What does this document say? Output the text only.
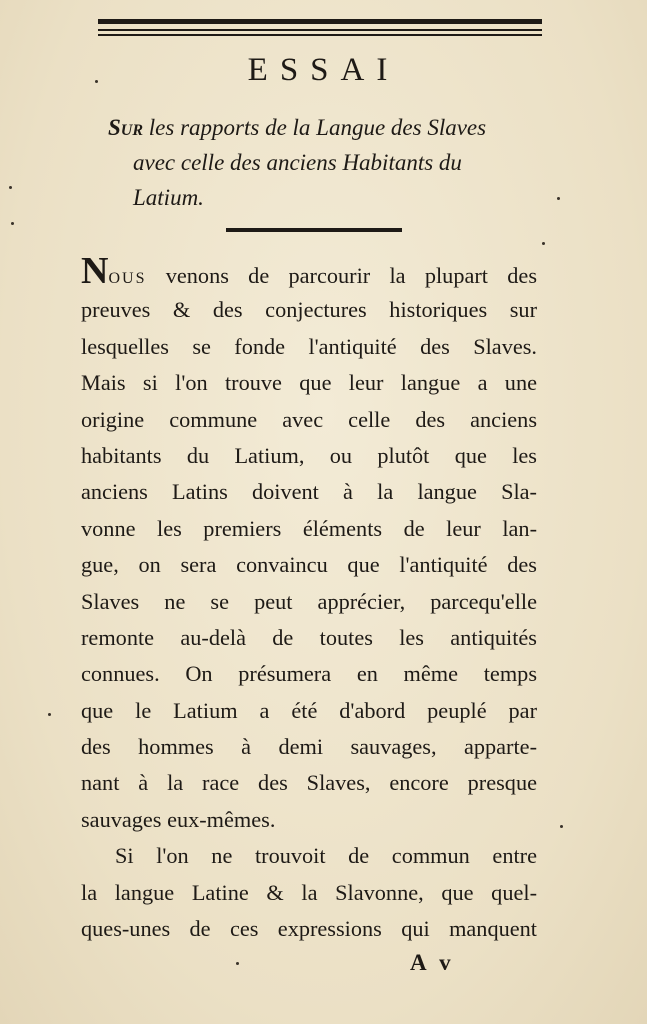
ESSAI
Sur les rapports de la Langue des Slaves
avec celle des anciens Habitants du
Latium.
Nous venons de parcourir la plupart des
preuves & des conjectures historiques sur
lesquelles se fonde l'antiquité des Slaves.
Mais si l'on trouve que leur langue a une
origine commune avec celle des anciens
habitants du Latium, ou plutôt que les
anciens Latins doivent à la langue Sla-
vonne les premiers éléments de leur lan-
gue, on sera convaincu que l'antiquité des
Slaves ne se peut apprécier, parcequ'elle
remonte au-delà de toutes les antiquités
connues. On présumera en même temps
que le Latium a été d'abord peuplé par
des hommes à demi sauvages, apparte-
nant à la race des Slaves, encore presque
sauvages eux-mêmes.
Si l'on ne trouvoit de commun entre
la langue Latine & la Slavonne, que quel-
ques-unes de ces expressions qui manquent
A v
